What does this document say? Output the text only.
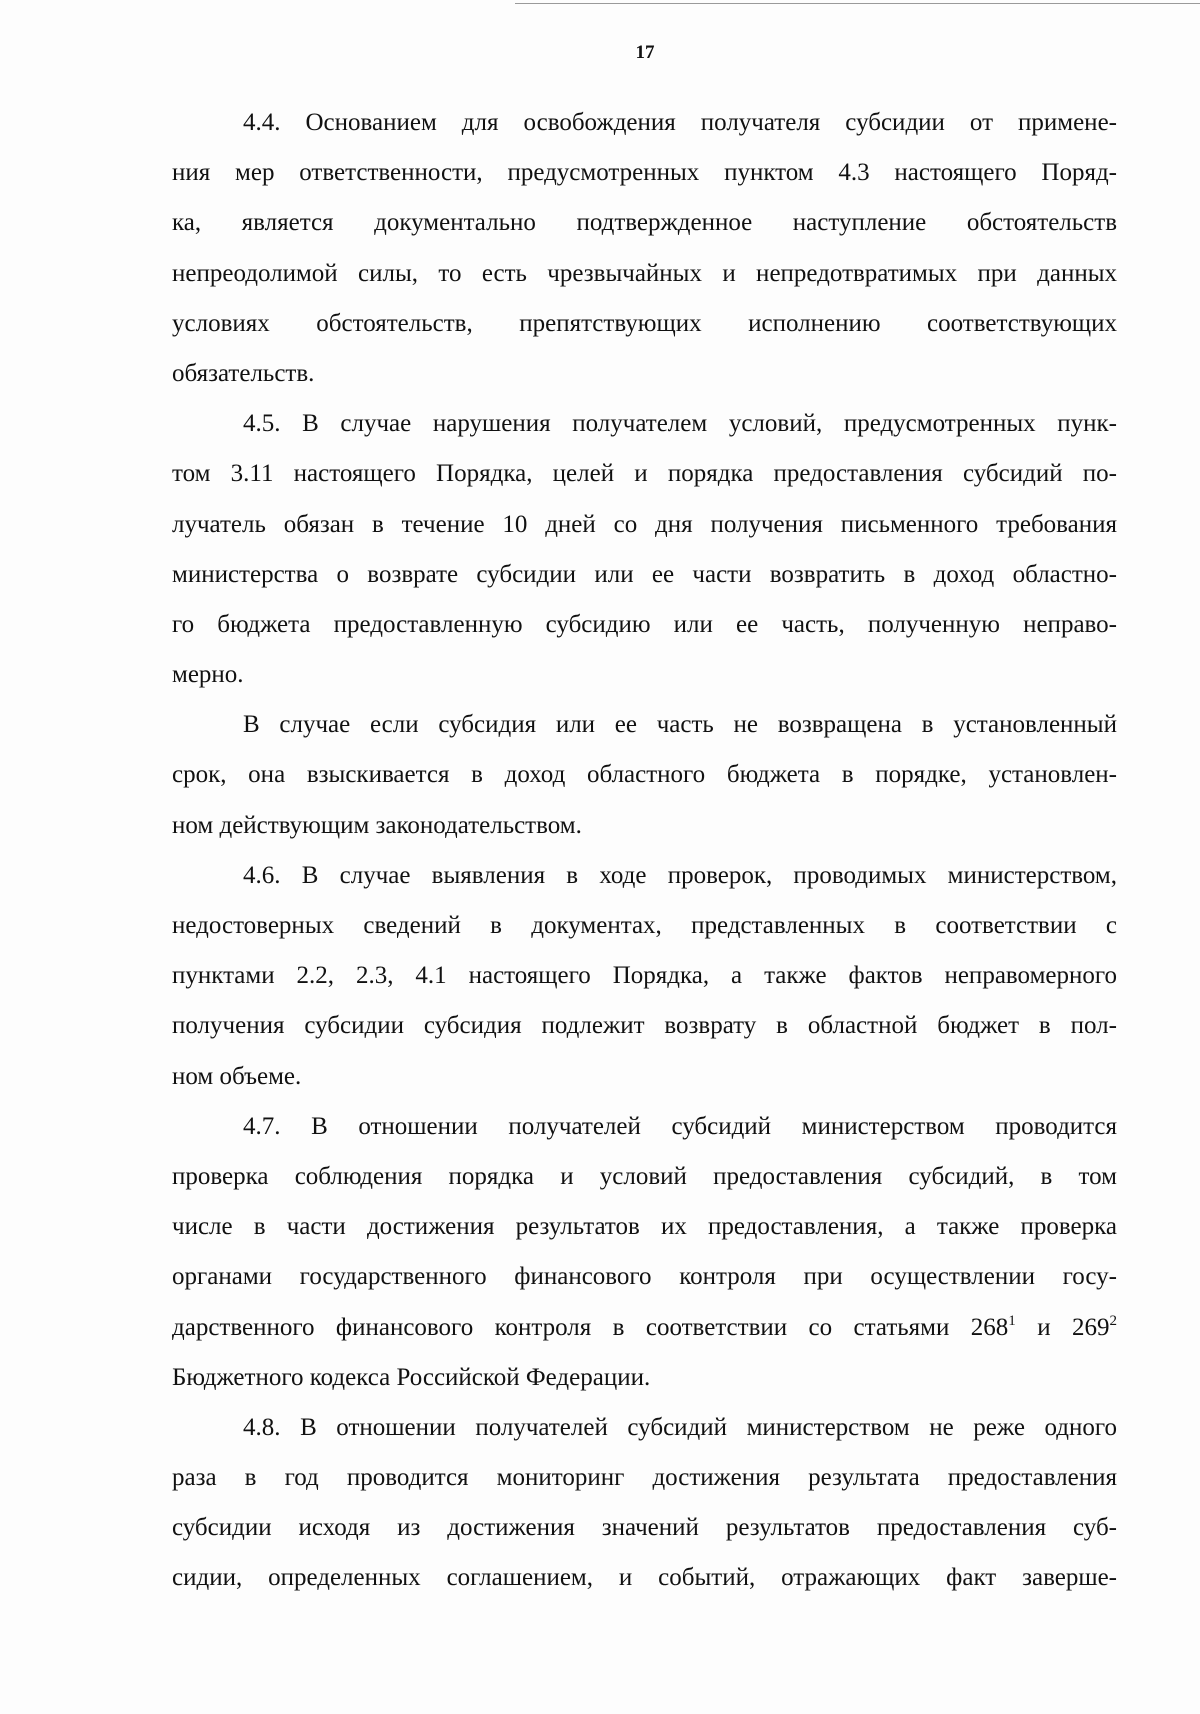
17
4.4. Основанием для освобождения получателя субсидии от примене-
ния мер ответственности, предусмотренных пунктом 4.3 настоящего Поряд-
ка, является документально подтвержденное наступление обстоятельств
непреодолимой силы, то есть чрезвычайных и непредотвратимых при данных
условиях обстоятельств, препятствующих исполнению соответствующих
обязательств.
4.5. В случае нарушения получателем условий, предусмотренных пунк-
том 3.11 настоящего Порядка, целей и порядка предоставления субсидий по-
лучатель обязан в течение 10 дней со дня получения письменного требования
министерства о возврате субсидии или ее части возвратить в доход областно-
го бюджета предоставленную субсидию или ее часть, полученную неправо-
мерно.
В случае если субсидия или ее часть не возвращена в установленный
срок, она взыскивается в доход областного бюджета в порядке, установлен-
ном действующим законодательством.
4.6. В случае выявления в ходе проверок, проводимых министерством,
недостоверных сведений в документах, представленных в соответствии с
пунктами 2.2, 2.3, 4.1 настоящего Порядка, а также фактов неправомерного
получения субсидии субсидия подлежит возврату в областной бюджет в пол-
ном объеме.
4.7. В отношении получателей субсидий министерством проводится
проверка соблюдения порядка и условий предоставления субсидий, в том
числе в части достижения результатов их предоставления, а также проверка
органами государственного финансового контроля при осуществлении госу-
дарственного финансового контроля в соответствии со статьями $268^1$ и $269^2$
Бюджетного кодекса Российской Федерации.
4.8. В отношении получателей субсидий министерством не реже одного
раза в год проводится мониторинг достижения результата предоставления
субсидии исходя из достижения значений результатов предоставления суб-
сидии, определенных соглашением, и событий, отражающих факт заверше-
